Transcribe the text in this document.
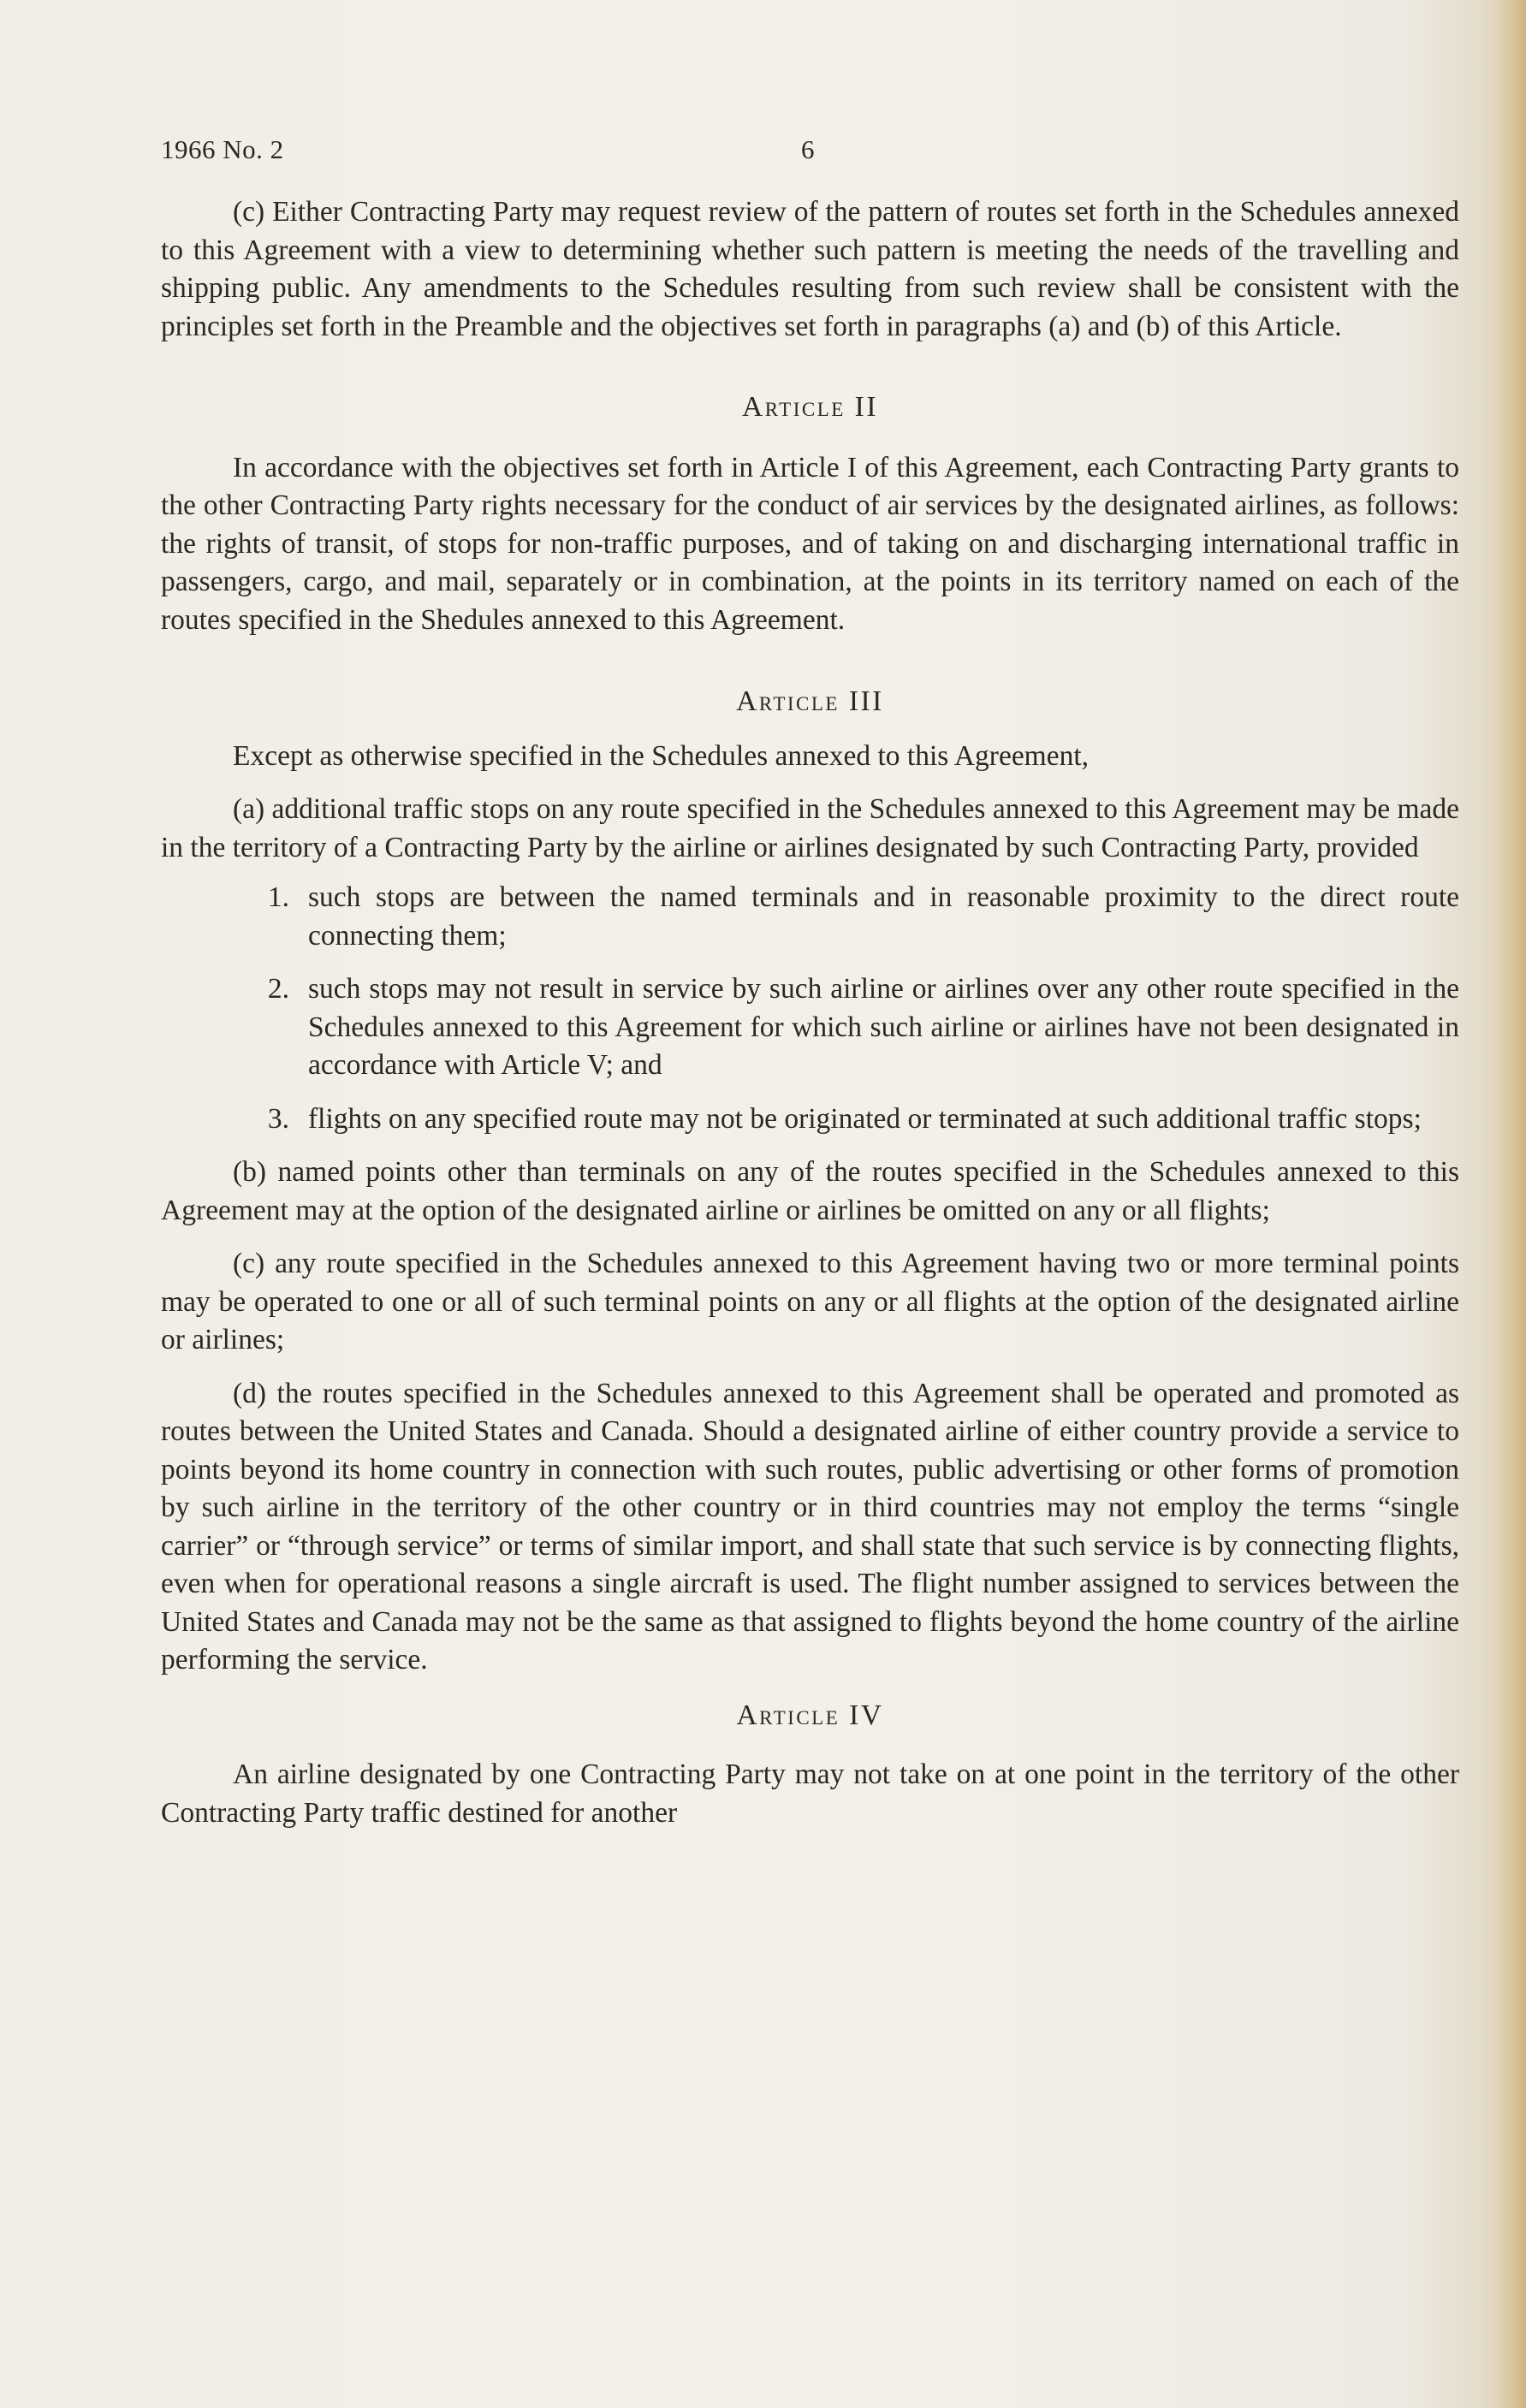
1966 No. 2	6

(c) Either Contracting Party may request review of the pattern of routes set forth in the Schedules annexed to this Agreement with a view to determining whether such pattern is meeting the needs of the travelling and shipping public. Any amendments to the Schedules resulting from such review shall be consistent with the principles set forth in the Preamble and the objectives set forth in paragraphs (a) and (b) of this Article.

Article II

In accordance with the objectives set forth in Article I of this Agreement, each Contracting Party grants to the other Contracting Party rights necessary for the conduct of air services by the designated airlines, as follows: the rights of transit, of stops for non-traffic purposes, and of taking on and discharging international traffic in passengers, cargo, and mail, separately or in combination, at the points in its territory named on each of the routes specified in the Shedules annexed to this Agreement.

Article III

Except as otherwise specified in the Schedules annexed to this Agreement,

(a) additional traffic stops on any route specified in the Schedules annexed to this Agreement may be made in the territory of a Contracting Party by the airline or airlines designated by such Contracting Party, provided

1 . such stops are between the named terminals and in reasonable proximity to the direct route connecting them;
2 . such stops may not result in service by such airline or airlines over any other route specified in the Schedules annexed to this Agreement for which such airline or airlines have not been designated in accordance with Article V; and
3 . flights on any specified route may not be originated or terminated at such additional traffic stops;

(b) named points other than terminals on any of the routes specified in the Schedules annexed to this Agreement may at the option of the designated airline or airlines be omitted on any or all flights;

(c) any route specified in the Schedules annexed to this Agreement having two or more terminal points may be operated to one or all of such terminal points on any or all flights at the option of the designated airline or airlines;

(d) the routes specified in the Schedules annexed to this Agreement shall be operated and promoted as routes between the United States and Canada. Should a designated airline of either country provide a service to points beyond its home country in connection with such routes, public advertising or other forms of promotion by such airline in the territory of the other country or in third countries may not employ the terms “single carrier” or “through service” or terms of similar import, and shall state that such service is by connecting flights, even when for operational reasons a single aircraft is used. The flight number assigned to services between the United States and Canada may not be the same as that assigned to flights beyond the home country of the airline performing the service.

Article IV

An airline designated by one Contracting Party may not take on at one point in the territory of the other Contracting Party traffic destined for another
